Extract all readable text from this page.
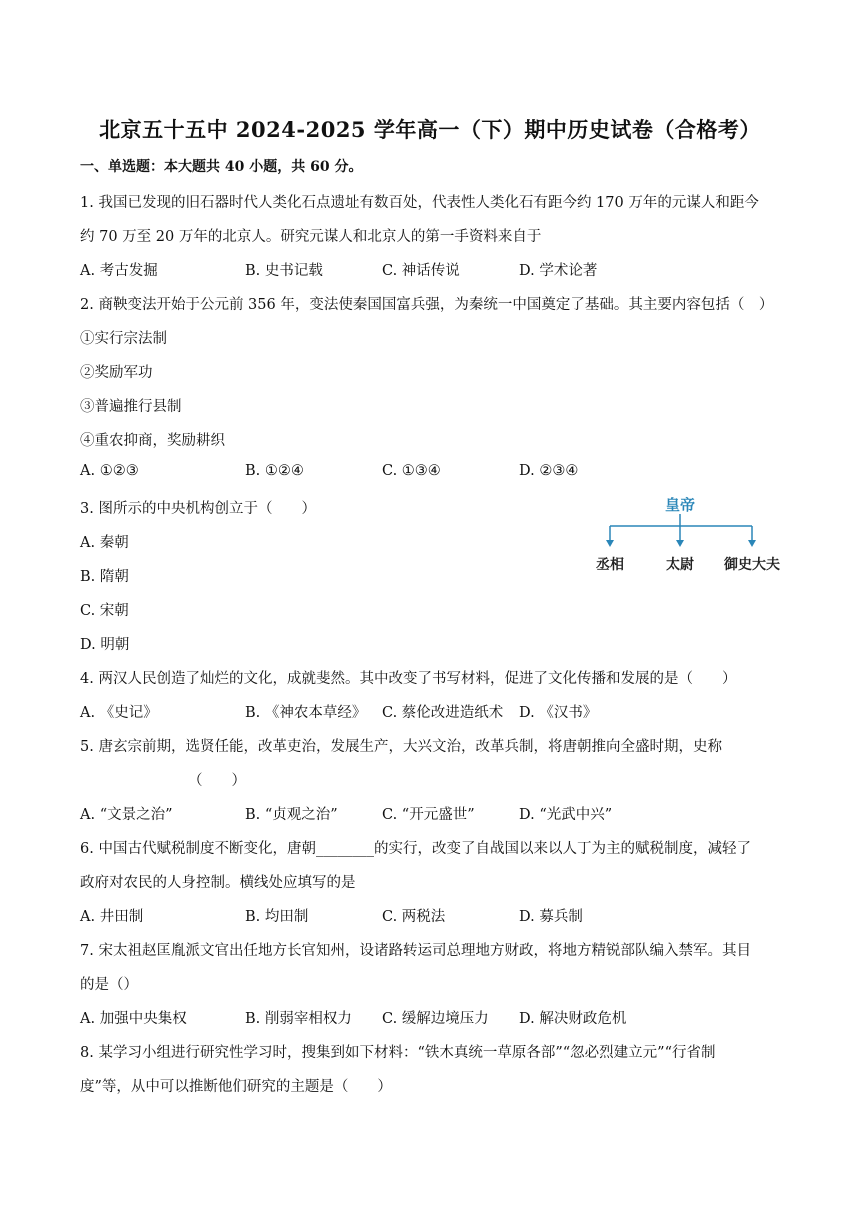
北京五十五中 2024-2025 学年高一（下）期中历史试卷（合格考）
一、单选题：本大题共 40 小题，共 60 分。
1. 我国已发现的旧石器时代人类化石点遗址有数百处，代表性人类化石有距今约 170 万年的元谋人和距今
约 70 万至 20 万年的北京人。研究元谋人和北京人的第一手资料来自于
A. 考古发掘	B. 史书记载	C. 神话传说	D. 学术论著
2. 商鞅变法开始于公元前 356 年，变法使秦国国富兵强，为秦统一中国奠定了基础。其主要内容包括（　）
①实行宗法制
②奖励军功
③普遍推行县制
④重农抑商，奖励耕织
A. ①②③	B. ①②④	C. ①③④	D. ②③④
3. 图所示的中央机构创立于（　　）
A. 秦朝
B. 隋朝
C. 宋朝
D. 明朝
皇帝
丞相	太尉 御史大夫
4. 两汉人民创造了灿烂的文化，成就斐然。其中改变了书写材料，促进了文化传播和发展的是（　　）
A. 《史记》	B. 《神农本草经》 C. 蔡伦改进造纸术 D. 《汉书》
5. 唐玄宗前期，选贤任能，改革吏治，发展生产，大兴文治，改革兵制，将唐朝推向全盛时期，史称
（　　）
A. “文景之治”	B. “贞观之治”	C. “开元盛世”	D. “光武中兴”
6. 中国古代赋税制度不断变化，唐朝________的实行，改变了自战国以来以人丁为主的赋税制度，减轻了
政府对农民的人身控制。横线处应填写的是
A. 井田制	B. 均田制	C. 两税法	D. 募兵制
7. 宋太祖赵匡胤派文官出任地方长官知州，设诸路转运司总理地方财政，将地方精锐部队编入禁军。其目
的是（）
A. 加强中央集权	B. 削弱宰相权力 C. 缓解边境压力 D. 解决财政危机
8. 某学习小组进行研究性学习时，搜集到如下材料：“铁木真统一草原各部”“忽必烈建立元”“行省制
度”等，从中可以推断他们研究的主题是（　　）
